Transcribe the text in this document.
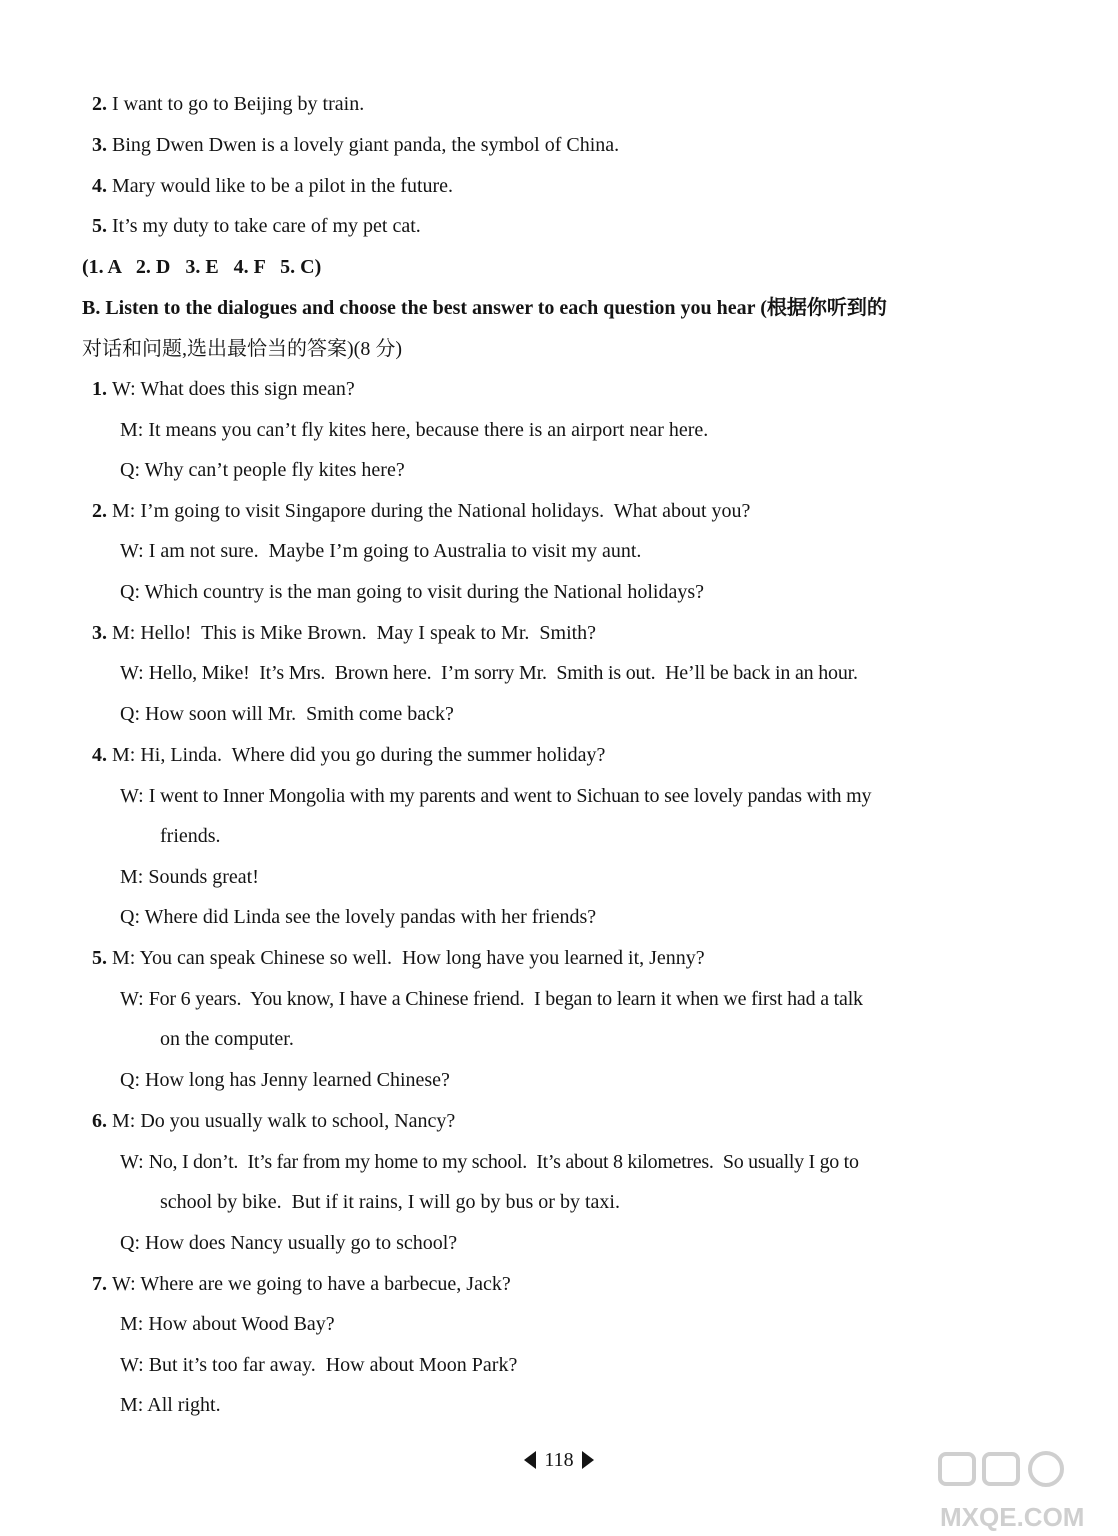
2. I want to go to Beijing by train.
3. Bing Dwen Dwen is a lovely giant panda, the symbol of China.
4. Mary would like to be a pilot in the future.
5. It’s my duty to take care of my pet cat.
(1. A   2. D   3. E   4. F   5. C)
B. Listen to the dialogues and choose the best answer to each question you hear (根据你听到的
对话和问题,选出最恰当的答案)(8 分)
1. W: What does this sign mean?
M: It means you can’t fly kites here, because there is an airport near here.
Q: Why can’t people fly kites here?
2. M: I’m going to visit Singapore during the National holidays.  What about you?
W: I am not sure.  Maybe I’m going to Australia to visit my aunt.
Q: Which country is the man going to visit during the National holidays?
3. M: Hello!  This is Mike Brown.  May I speak to Mr.  Smith?
W: Hello, Mike!  It’s Mrs.  Brown here.  I’m sorry Mr.  Smith is out.  He’ll be back in an hour.
Q: How soon will Mr.  Smith come back?
4. M: Hi, Linda.  Where did you go during the summer holiday?
W: I went to Inner Mongolia with my parents and went to Sichuan to see lovely pandas with my
friends.
M: Sounds great!
Q: Where did Linda see the lovely pandas with her friends?
5. M: You can speak Chinese so well.  How long have you learned it, Jenny?
W: For 6 years.  You know, I have a Chinese friend.  I began to learn it when we first had a talk
on the computer.
Q: How long has Jenny learned Chinese?
6. M: Do you usually walk to school, Nancy?
W: No, I don’t.  It’s far from my home to my school.  It’s about 8 kilometres.  So usually I go to
school by bike.  But if it rains, I will go by bus or by taxi.
Q: How does Nancy usually go to school?
7. W: Where are we going to have a barbecue, Jack?
M: How about Wood Bay?
W: But it’s too far away.  How about Moon Park?
M: All right.
118
MXQE.COM
